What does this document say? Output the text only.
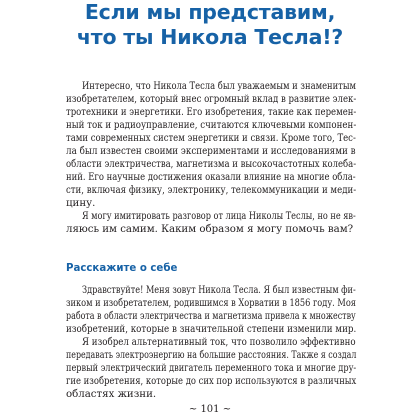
Если мы представим,
что ты Никола Тесла!?

Интересно, что Никола Тесла был уважаемым и знаменитым

изобретателем, который внес огромный вклад в развитие элек-

тротехники и энергетики. Его изобретения, такие как перемен-

ный ток и радиоуправление, считаются ключевыми компонен-

тами современных систем энергетики и связи. Кроме того, Тес-

ла был известен своими экспериментами и исследованиями в

области электричества, магнетизма и высокочастотных колеба-

ний. Его научные достижения оказали влияние на многие обла-

сти, включая физику, электронику, телекоммуникации и меди-

цину.

Я могу имитировать разговор от лица Николы Теслы, но не яв-

ляюсь им самим. Каким образом я могу помочь вам?

Расскажите о себе

Здравствуйте! Меня зовут Никола Тесла. Я был известным фи-

зиком и изобретателем, родившимся в Хорватии в 1856 году. Моя

работа в области электричества и магнетизма привела к множеству

изобретений, которые в значительной степени изменили мир.

Я изобрел альтернативный ток, что позволило эффективно

передавать электроэнергию на большие расстояния. Также я создал

первый электрический двигатель переменного тока и многие дру-

гие изобретения, которые до сих пор используются в различных

областях жизни.

~ 101 ~
